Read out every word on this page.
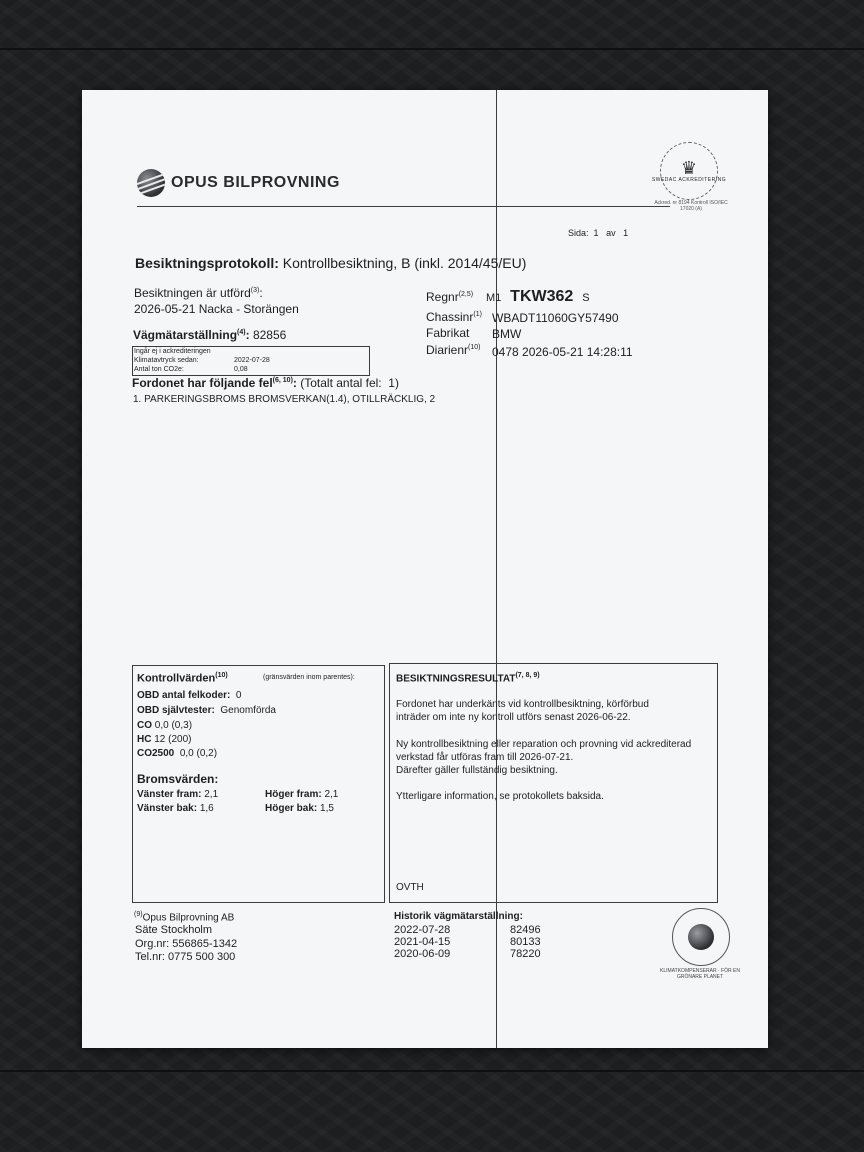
OPUS BILPROVNING
♛
SWEDAC ACKREDITERING
Ackred. nr 8194 Kontroll ISO/IEC 17020 (A)
Sida: 1 av 1
Besiktningsprotokoll: Kontrollbesiktning, B (inkl. 2014/45/EU)
Besiktningen är utförd$^{(3)}$:
2026-05-21 Nacka - Storängen
Vägmätarställning$^{(4)}$: 82856
Ingår ej i ackrediteringen
Klimatavtryck sedan:	2022-07-28
Antal ton CO2e:	0,08
Regnr$^{(2,5)}$ M1 TKW362 S
Chassinr$^{(1)}$ WBADT11060GY57490
Fabrikat BMW
Diarienr$^{(10)}$ 0478 2026-05-21 14:28:11
Fordonet har följande fel$^{(6, 10)}$: (Totalt antal fel: 1)
1. PARKERINGSBROMS BROMSVERKAN(1.4), OTILLRÄCKLIG, 2
Kontrollvärden$^{(10)}$	(gränsvärden inom parentes):
OBD antal felkoder: 0
OBD självtester: Genomförda
CO 0,0 (0,3)
HC 12 (200)
CO2500 0,0 (0,2)
Bromsvärden:
Vänster fram: 2,1	Höger fram: 2,1
Vänster bak: 1,6	Höger bak: 1,5
BESIKTNINGSRESULTAT$^{(7, 8, 9)}$
Fordonet har underkänts vid kontrollbesiktning, körförbud
inträder om inte ny kontroll utförs senast 2026-06-22.
Ny kontrollbesiktning eller reparation och provning vid ackrediterad
verkstad får utföras fram till 2026-07-21.
Därefter gäller fullständig besiktning.
Ytterligare information, se protokollets baksida.
OVTH
$^{(9)}$Opus Bilprovning AB
Säte Stockholm
Org.nr: 556865-1342
Tel.nr: 0775 500 300
Historik vägmätarställning:
2022-07-28	82496
2021-04-15	80133
2020-06-09	78220
KLIMATKOMPENSERAR · FÖR EN GRÖNARE PLANET
